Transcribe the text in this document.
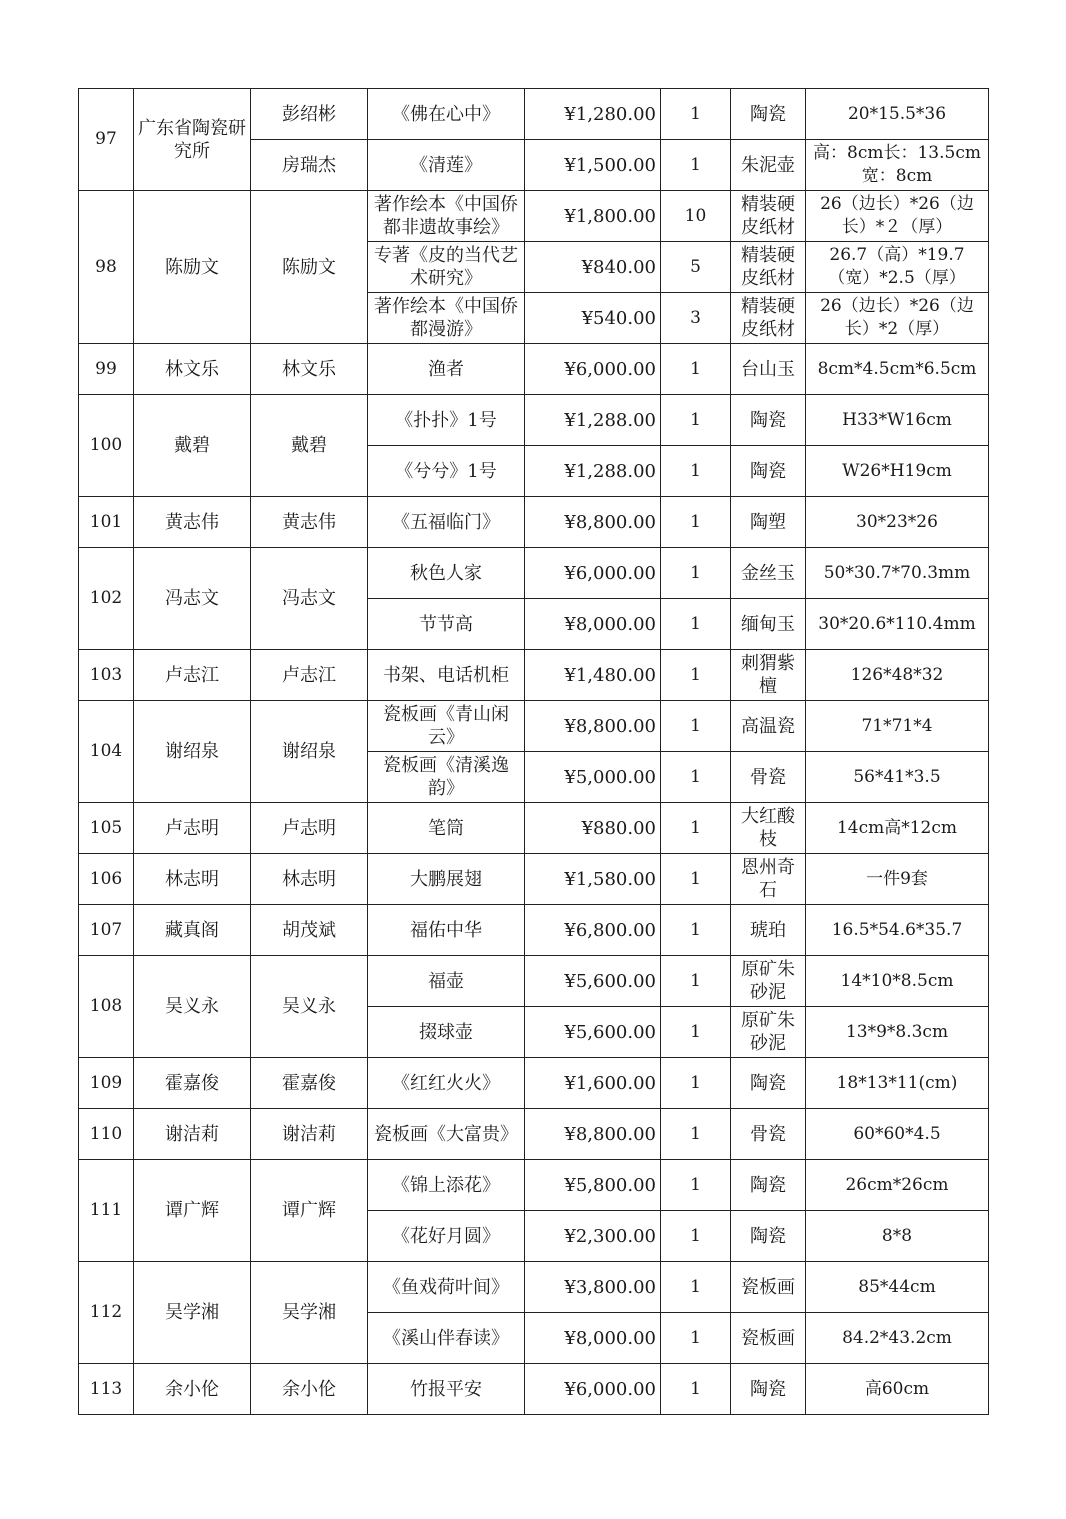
97	广东省陶瓷研究所	彭绍彬	《佛在心中》	¥1,280.00	1	陶瓷	20*15.5*36
		房瑞杰	《清莲》	¥1,500.00	1	朱泥壶	高：8cm长：13.5cm宽：8cm
98	陈励文	陈励文	著作绘本《中国侨都非遗故事绘》	¥1,800.00	10	精装硬皮纸材	26（边长）*26（边长）*２（厚）
			专著《皮的当代艺术研究》	¥840.00	5	精装硬皮纸材	26.7（高）*19.7（宽）*2.5（厚）
			著作绘本《中国侨都漫游》	¥540.00	3	精装硬皮纸材	26（边长）*26（边长）*2（厚）
99	林文乐	林文乐	渔者	¥6,000.00	1	台山玉	8cm*4.5cm*6.5cm
100	戴碧	戴碧	《扑扑》1号	¥1,288.00	1	陶瓷	H33*W16cm
			《兮兮》1号	¥1,288.00	1	陶瓷	W26*H19cm
101	黄志伟	黄志伟	《五福临门》	¥8,800.00	1	陶塑	30*23*26
102	冯志文	冯志文	秋色人家	¥6,000.00	1	金丝玉	50*30.7*70.3mm
			节节高	¥8,000.00	1	缅甸玉	30*20.6*110.4mm
103	卢志江	卢志江	书架、电话机柜	¥1,480.00	1	刺猬紫檀	126*48*32
104	谢绍泉	谢绍泉	瓷板画《青山闲云》	¥8,800.00	1	高温瓷	71*71*4
			瓷板画《清溪逸韵》	¥5,000.00	1	骨瓷	56*41*3.5
105	卢志明	卢志明	笔筒	¥880.00	1	大红酸枝	14cm高*12cm
106	林志明	林志明	大鹏展翅	¥1,580.00	1	恩州奇石	一件9套
107	藏真阁	胡茂斌	福佑中华	¥6,800.00	1	琥珀	16.5*54.6*35.7
108	吴义永	吴义永	福壶	¥5,600.00	1	原矿朱砂泥	14*10*8.5cm
			掇球壶	¥5,600.00	1	原矿朱砂泥	13*9*8.3cm
109	霍嘉俊	霍嘉俊	《红红火火》	¥1,600.00	1	陶瓷	18*13*11(cm)
110	谢洁莉	谢洁莉	瓷板画《大富贵》	¥8,800.00	1	骨瓷	60*60*4.5
111	谭广辉	谭广辉	《锦上添花》	¥5,800.00	1	陶瓷	26cm*26cm
			《花好月圆》	¥2,300.00	1	陶瓷	8*8
112	吴学湘	吴学湘	《鱼戏荷叶间》	¥3,800.00	1	瓷板画	85*44cm
			《溪山伴春读》	¥8,000.00	1	瓷板画	84.2*43.2cm
113	余小伦	余小伦	竹报平安	¥6,000.00	1	陶瓷	高60cm
